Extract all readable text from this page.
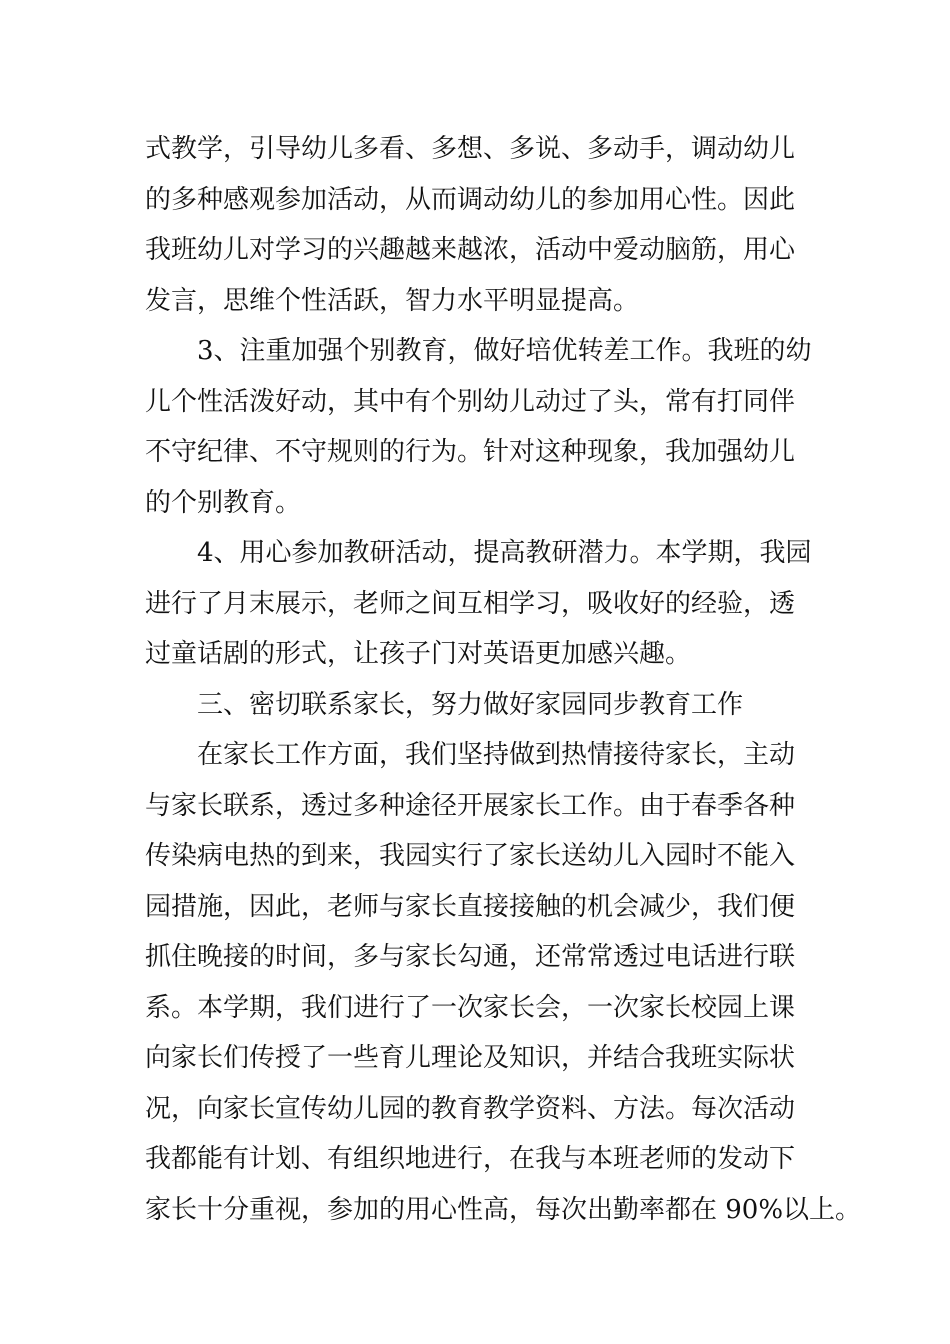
式教学，引导幼儿多看、多想、多说、多动手，调动幼儿
的多种感观参加活动，从而调动幼儿的参加用心性。因此
我班幼儿对学习的兴趣越来越浓，活动中爱动脑筋，用心
发言，思维个性活跃，智力水平明显提高。
3、注重加强个别教育，做好培优转差工作。我班的幼
儿个性活泼好动，其中有个别幼儿动过了头，常有打同伴
不守纪律、不守规则的行为。针对这种现象，我加强幼儿
的个别教育。
4、用心参加教研活动，提高教研潜力。本学期，我园
进行了月末展示，老师之间互相学习，吸收好的经验，透
过童话剧的形式，让孩子门对英语更加感兴趣。
三、密切联系家长，努力做好家园同步教育工作
在家长工作方面，我们坚持做到热情接待家长，主动
与家长联系，透过多种途径开展家长工作。由于春季各种
传染病电热的到来，我园实行了家长送幼儿入园时不能入
园措施，因此，老师与家长直接接触的机会减少，我们便
抓住晚接的时间，多与家长勾通，还常常透过电话进行联
系。本学期，我们进行了一次家长会，一次家长校园上课
向家长们传授了一些育儿理论及知识，并结合我班实际状
况，向家长宣传幼儿园的教育教学资料、方法。每次活动
我都能有计划、有组织地进行，在我与本班老师的发动下
家长十分重视，参加的用心性高，每次出勤率都在 90%以上。
